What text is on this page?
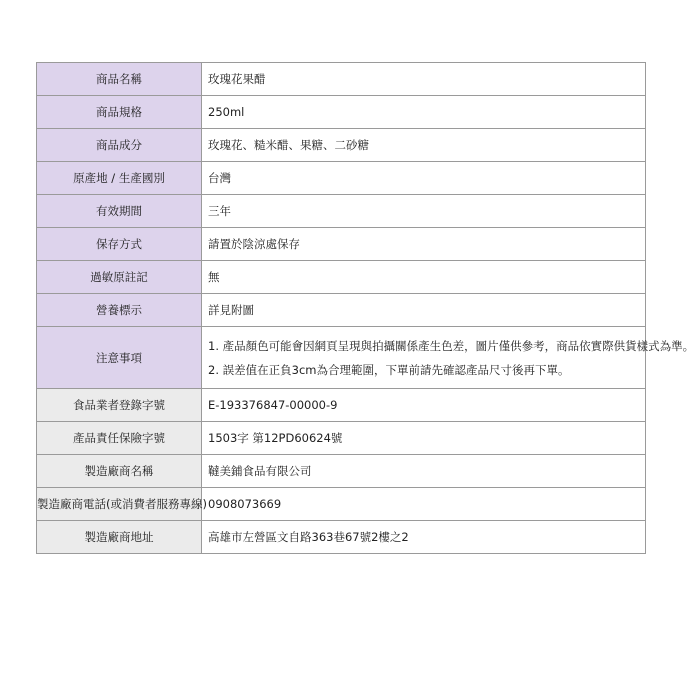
商品名稱	玫瑰花果醋
商品規格	250ml
商品成分	玫瑰花、糙米醋、果糖、二砂糖
原產地 / 生產國別	台灣
有效期間	三年
保存方式	請置於陰涼處保存
過敏原註記	無
營養標示	詳見附圖
注意事項	1. 產品顏色可能會因網頁呈現與拍攝關係產生色差，圖片僅供參考，商品依實際供貨樣式為準。
2. 誤差值在正負3cm為合理範圍，下單前請先確認產品尺寸後再下單。

食品業者登錄字號	E-193376847-00000-9
產品責任保險字號	1503字 第12PD60624號
製造廠商名稱	韃美鋪食品有限公司
製造廠商電話(或消費者服務專線)	0908073669
製造廠商地址	高雄市左營區文自路363巷67號2樓之2
